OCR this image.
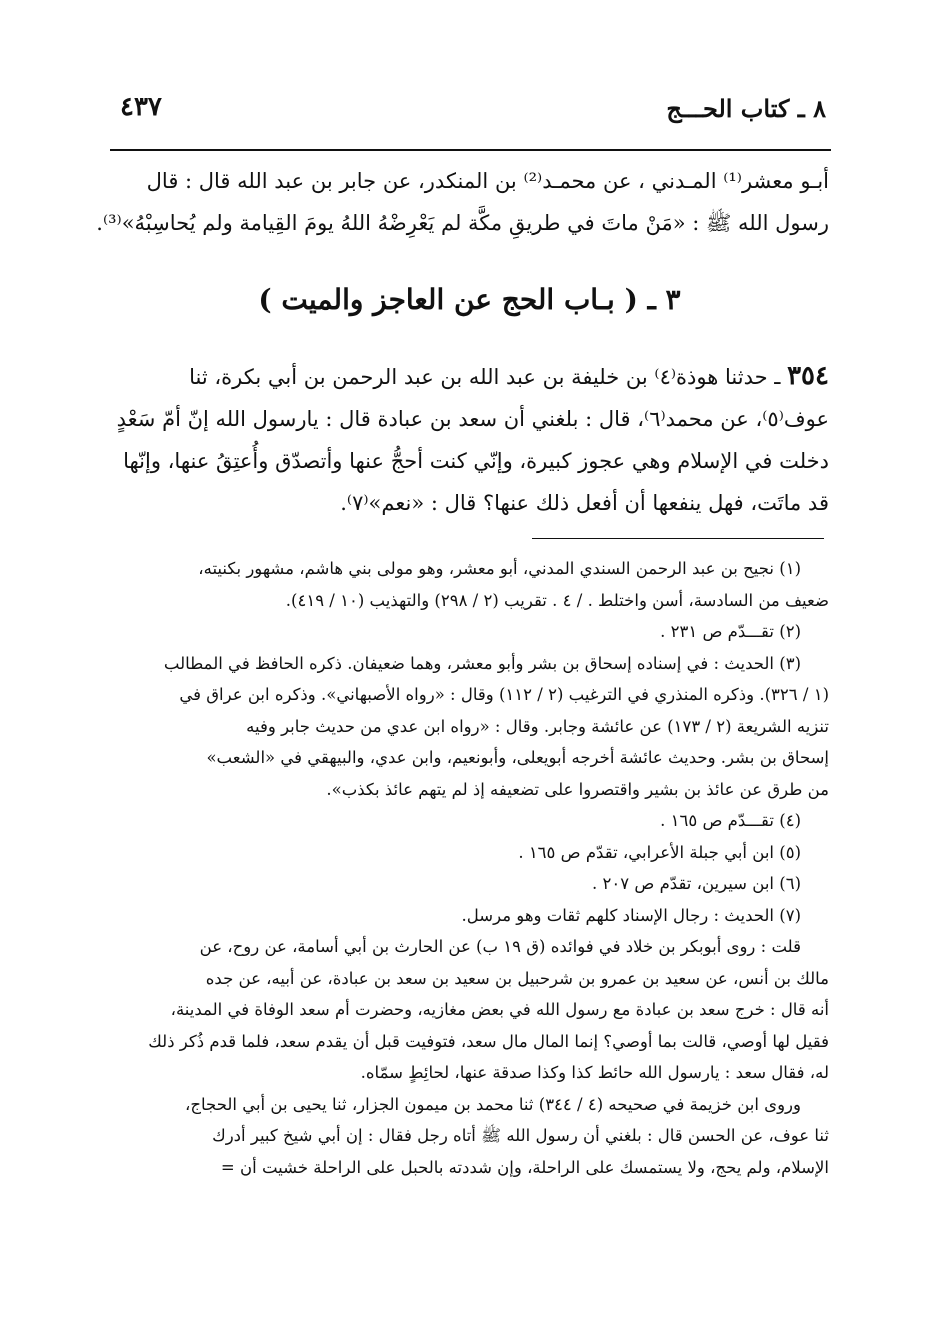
٨ ـ كتاب الحـــج
٤٣٧
أبـو معشر⁽¹⁾ المـدني ، عن محمـد⁽²⁾ بن المنكدر، عن جابر بن عبد الله قال : قال
رسول الله ﷺ : «مَنْ ماتَ في طريقِ مكَّة لم يَعْرِضْهُ اللهُ يومَ القِيامة ولم يُحاسِبْهُ»⁽³⁾.
٣ ـ ( بـاب الحج عن العاجز والميت )
٣٥٤ ـ حدثنا هوذة⁽٤⁾ بن خليفة بن عبد الله بن عبد الرحمن بن أبي بكرة، ثنا
عوف⁽٥⁾، عن محمد⁽٦⁾، قال : بلغني أن سعد بن عبادة قال : يارسول الله إنّ أمّ سَعْدٍ
دخلت في الإسلام وهي عجوز كبيرة، وإنّي كنت أحجُّ عنها وأتصدّق وأُعتِقُ عنها، وإنّها
قد ماتَت، فهل ينفعها أن أفعل ذلك عنها؟ قال : «نعم»⁽٧⁾.
(١) نجيح بن عبد الرحمن السندي المدني، أبو معشر، وهو مولى بني هاشم، مشهور بكنيته،
ضعيف من السادسة، أسن واختلط . / ٤ . تقريب (٢ / ٢٩٨) والتهذيب (١٠ / ٤١٩).
(٢) تقـــدّم ص ٢٣١ .
(٣) الحديث : في إسناده إسحاق بن بشر وأبو معشر، وهما ضعيفان. ذكره الحافظ في المطالب
(١ / ٣٢٦). وذكره المنذري في الترغيب (٢ / ١١٢) وقال : «رواه الأصبهاني». وذكره ابن عراق في
تنزيه الشريعة (٢ / ١٧٣) عن عائشة وجابر. وقال : «رواه ابن عدي من حديث جابر وفيه
إسحاق بن بشر. وحديث عائشة أخرجه أبويعلى، وأبونعيم، وابن عدي، والبيهقي في «الشعب»
من طرق عن عائذ بن بشير واقتصروا على تضعيفه إذ لم يتهم عائذ بكذب».
(٤) تقـــدّم ص ١٦٥ .
(٥) ابن أبي جبلة الأعرابي، تقدّم ص ١٦٥ .
(٦) ابن سيرين، تقدّم ص ٢٠٧ .
(٧) الحديث : رجال الإسناد كلهم ثقات وهو مرسل.
قلت : روى أبوبكر بن خلاد في فوائده (ق ١٩ ب) عن الحارث بن أبي أسامة، عن روح، عن
مالك بن أنس، عن سعيد بن عمرو بن شرحبيل بن سعيد بن سعد بن عبادة، عن أبيه، عن جده
أنه قال : خرج سعد بن عبادة مع رسول الله في بعض مغازيه، وحضرت أم سعد الوفاة في المدينة،
فقيل لها أوصي، قالت بما أوصي؟ إنما المال مال سعد، فتوفيت قبل أن يقدم سعد، فلما قدم ذُكر ذلك
له، فقال سعد : يارسول الله حائط كذا وكذا صدقة عنها، لحائِطٍ سمّاه.
وروى ابن خزيمة في صحيحه (٤ / ٣٤٤) ثنا محمد بن ميمون الجزار، ثنا يحيى بن أبي الحجاج،
ثنا عوف، عن الحسن قال : بلغني أن رسول الله ﷺ أتاه رجل فقال : إن أبي شيخ كبير أدرك
الإسلام، ولم يحج، ولا يستمسك على الراحلة، وإن شددته بالحبل على الراحلة خشيت أن =
